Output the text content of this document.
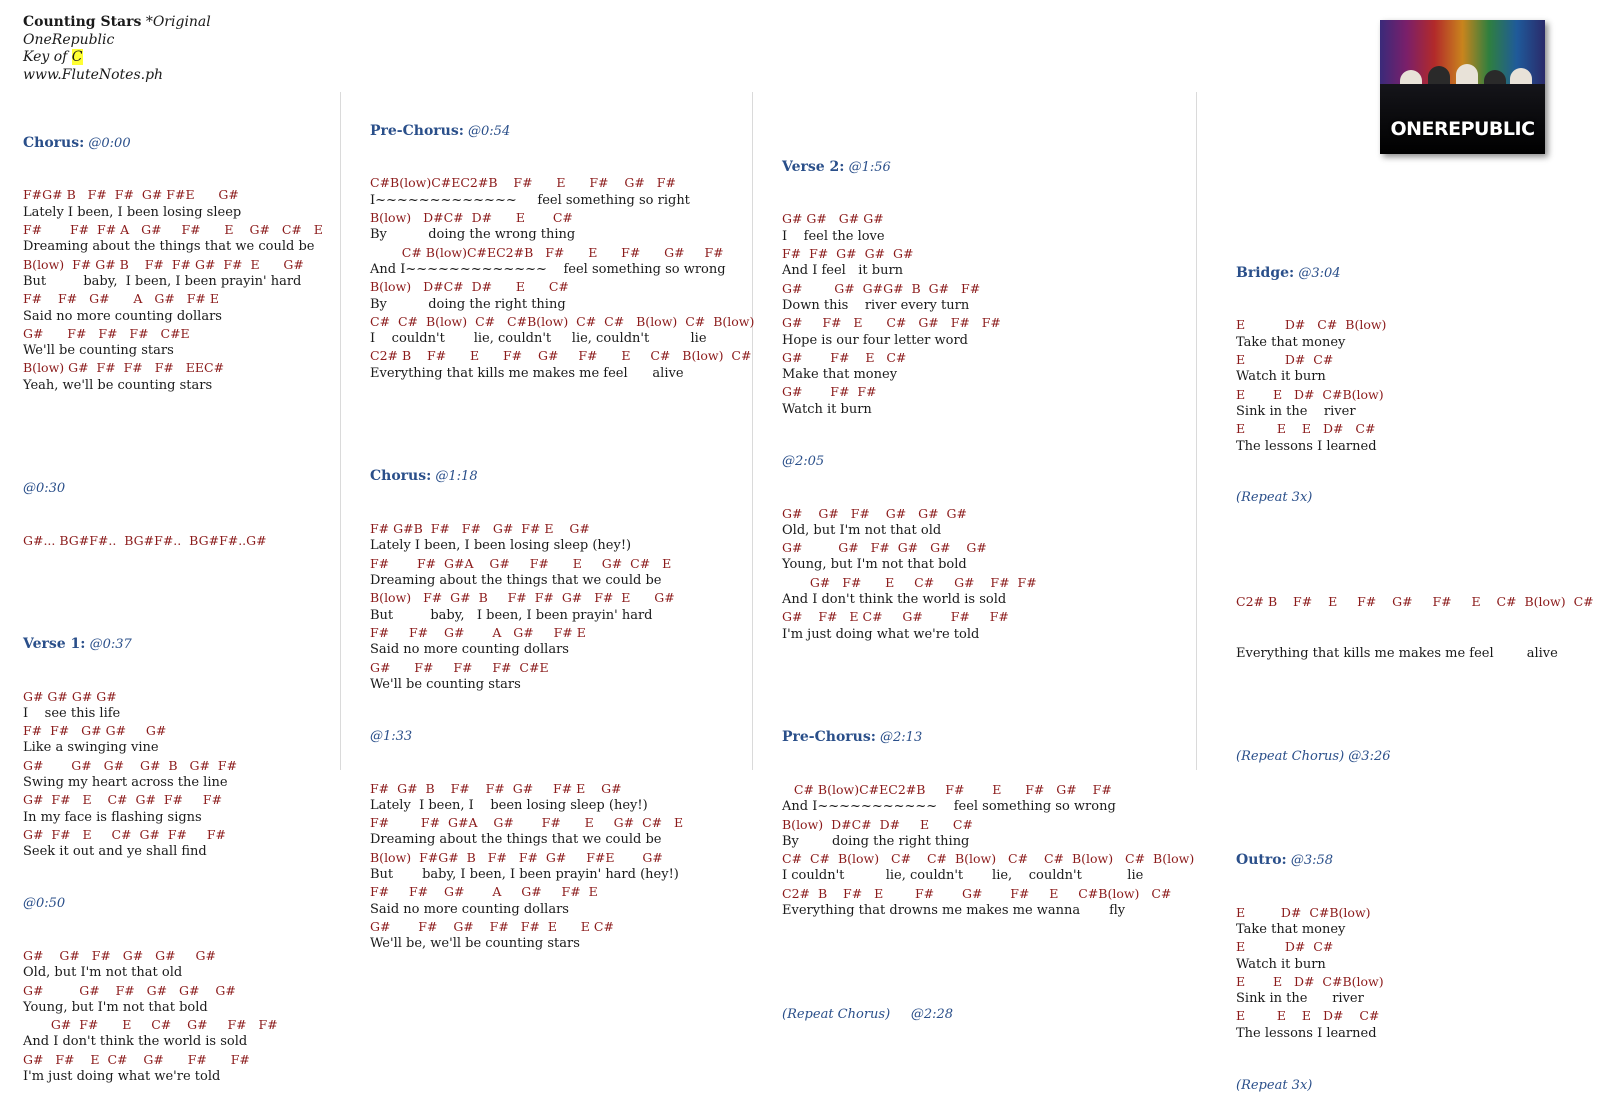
Counting Stars *Original
OneRepublic
Key of C
www.FluteNotes.ph
ONEREPUBLIC

Chorus: @0:00

F#G# B   F#  F#  G# F#E      G#
Lately I been, I been losing sleep
F#       F#  F# A   G#     F#      E    G#   C#   E
Dreaming about the things that we could be
B(low)  F# G# B    F#  F# G#  F#  E      G#
But         baby,  I been, I been prayin' hard
F#    F#   G#      A   G#   F# E
Said no more counting dollars
G#      F#   F#   F#   C#E
We'll be counting stars
B(low) G#  F#  F#   F#   EEC#
Yeah, we'll be counting stars

@0:30

G#... BG#F#..  BG#F#..  BG#F#..G#

Verse 1: @0:37

G# G# G# G#
I    see this life
F#  F#   G# G#     G#
Like a swinging vine
G#       G#   G#    G#  B   G#  F#
Swing my heart across the line
G#  F#   E    C#  G#  F#     F#
In my face is flashing signs
G#  F#   E     C#  G#  F#     F#
Seek it out and ye shall find

@0:50

G#    G#   F#   G#   G#     G#
Old, but I'm not that old
G#         G#    F#   G#   G#    G#
Young, but I'm not that bold
G#  F#      E     C#    G#     F#   F#
And I don't think the world is sold
G#   F#    E  C#    G#      F#      F#
I'm just doing what we're told

Pre-Chorus: @0:54

C#B(low)C#EC2#B    F#      E      F#    G#   F#
I~~~~~~~~~~~~~     feel something so right
B(low)   D#C#  D#      E       C#
By          doing the wrong thing
C# B(low)C#EC2#B   F#      E      F#      G#     F#
And I~~~~~~~~~~~~~    feel something so wrong
B(low)   D#C#  D#      E      C#
By          doing the right thing
C#  C#  B(low)  C#   C#B(low)  C#  C#   B(low)  C#  B(low)
I    couldn't       lie, couldn't     lie, couldn't          lie
C2# B    F#      E      F#    G#     F#      E     C#   B(low)  C#
Everything that kills me makes me feel      alive

Chorus: @1:18

F# G#B  F#   F#   G#  F# E    G#
Lately I been, I been losing sleep (hey!)
F#       F#  G#A    G#     F#      E     G#  C#   E
Dreaming about the things that we could be
B(low)   F#  G#  B     F#  F#  G#   F#  E      G#
But         baby,   I been, I been prayin' hard
F#     F#    G#       A   G#     F# E
Said no more counting dollars
G#      F#     F#     F#  C#E
We'll be counting stars

@1:33

F#  G#  B    F#    F#  G#     F# E    G#
Lately  I been, I    been losing sleep (hey!)
F#        F#  G#A    G#       F#      E     G#  C#   E
Dreaming about the things that we could be
B(low)  F#G#  B   F#   F#  G#     F#E       G#
But       baby, I been, I been prayin' hard (hey!)
F#     F#    G#       A     G#     F#  E
Said no more counting dollars
G#       F#    G#    F#   F#  E      E C#
We'll be, we'll be counting stars

Verse 2: @1:56

G# G#   G# G#
I    feel the love
F#  F#  G#  G#  G#
And I feel   it burn
G#        G#  G#G#  B  G#   F#
Down this    river every turn
G#     F#   E      C#   G#   F#   F#
Hope is our four letter word
G#       F#    E   C#
Make that money
G#       F#  F#
Watch it burn

@2:05

G#    G#   F#    G#   G#  G#
Old, but I'm not that old
G#         G#   F#  G#   G#    G#
Young, but I'm not that bold
G#   F#      E     C#     G#    F#  F#
And I don't think the world is sold
G#    F#   E C#     G#       F#     F#
I'm just doing what we're told

Pre-Chorus: @2:13

C# B(low)C#EC2#B     F#       E      F#   G#    F#
And I~~~~~~~~~~~    feel something so wrong
B(low)  D#C#  D#     E      C#
By        doing the right thing
C#  C#  B(low)   C#    C#  B(low)   C#    C#  B(low)   C#  B(low)
I couldn't          lie, couldn't       lie,    couldn't           lie
C2#  B    F#   E        F#       G#       F#     E     C#B(low)   C#
Everything that drowns me makes me wanna       fly

(Repeat Chorus) @2:28

Bridge: @3:04

E          D#   C#  B(low)
Take that money
E          D#  C#
Watch it burn
E       E   D#  C#B(low)
Sink in the    river
E        E    E   D#   C#
The lessons I learned

(Repeat 3x)

C2# B    F#    E     F#    G#     F#     E    C#  B(low)  C#

Everything that kills me makes me feel        alive

(Repeat Chorus) @3:26

Outro: @3:58

E         D#  C#B(low)
Take that money
E          D#  C#
Watch it burn
E       E   D#  C#B(low)
Sink in the      river
E        E    E   D#    C#
The lessons I learned

(Repeat 3x)
